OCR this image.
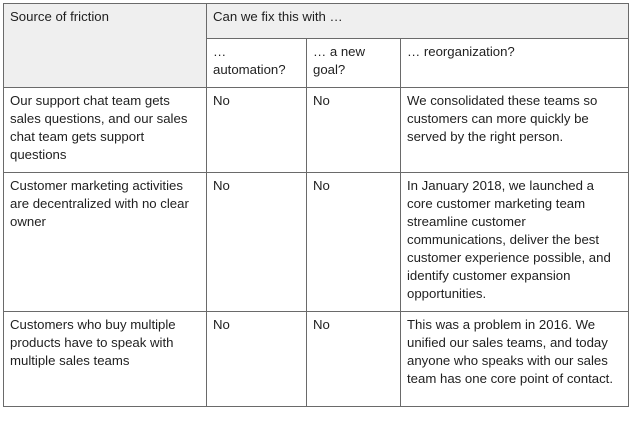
Source of friction	Can we fix this with …		
	… automation?	… a new goal?	… reorganization?
Our support chat team gets sales questions, and our sales chat team gets support questions	No	No	We consolidated these teams so customers can more quickly be served by the right person.
Customer marketing activities are decentralized with no clear owner	No	No	In January 2018, we launched a core customer marketing team streamline customer communications, deliver the best customer experience possible, and identify customer expansion opportunities.
Customers who buy multiple products have to speak with multiple sales teams	No	No	This was a problem in 2016. We unified our sales teams, and today anyone who speaks with our sales team has one core point of contact.
